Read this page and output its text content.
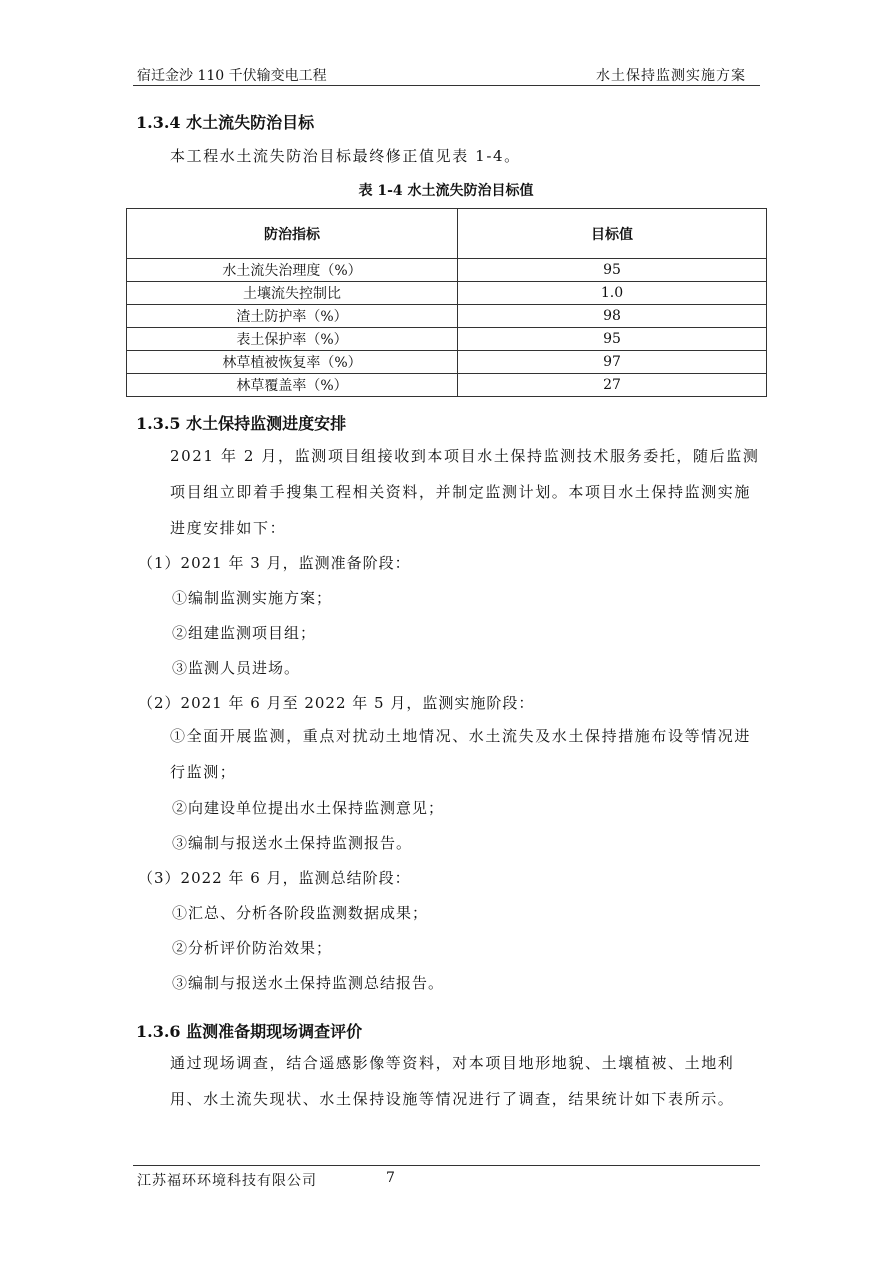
宿迁金沙 110 千伏输变电工程	水土保持监测实施方案
1.3.4 水土流失防治目标
本工程水土流失防治目标最终修正值见表 1-4。
表 1-4 水土流失防治目标值
防治指标	目标值
水土流失治理度（%）	95
土壤流失控制比	1.0
渣土防护率（%）	98
表土保护率（%）	95
林草植被恢复率（%）	97
林草覆盖率（%）	27
1.3.5 水土保持监测进度安排
2021 年 2 月，监测项目组接收到本项目水土保持监测技术服务委托，随后监测项目组立即着手搜集工程相关资料，并制定监测计划。本项目水土保持监测实施进度安排如下：
（1）2021 年 3 月，监测准备阶段：
①编制监测实施方案；
②组建监测项目组；
③监测人员进场。
（2）2021 年 6 月至 2022 年 5 月，监测实施阶段：
①全面开展监测，重点对扰动土地情况、水土流失及水土保持措施布设等情况进行监测；
②向建设单位提出水土保持监测意见；
③编制与报送水土保持监测报告。
（3）2022 年 6 月，监测总结阶段：
①汇总、分析各阶段监测数据成果；
②分析评价防治效果；
③编制与报送水土保持监测总结报告。
1.3.6 监测准备期现场调查评价
通过现场调查，结合遥感影像等资料，对本项目地形地貌、土壤植被、土地利用、水土流失现状、水土保持设施等情况进行了调查，结果统计如下表所示。
江苏福环环境科技有限公司	7
